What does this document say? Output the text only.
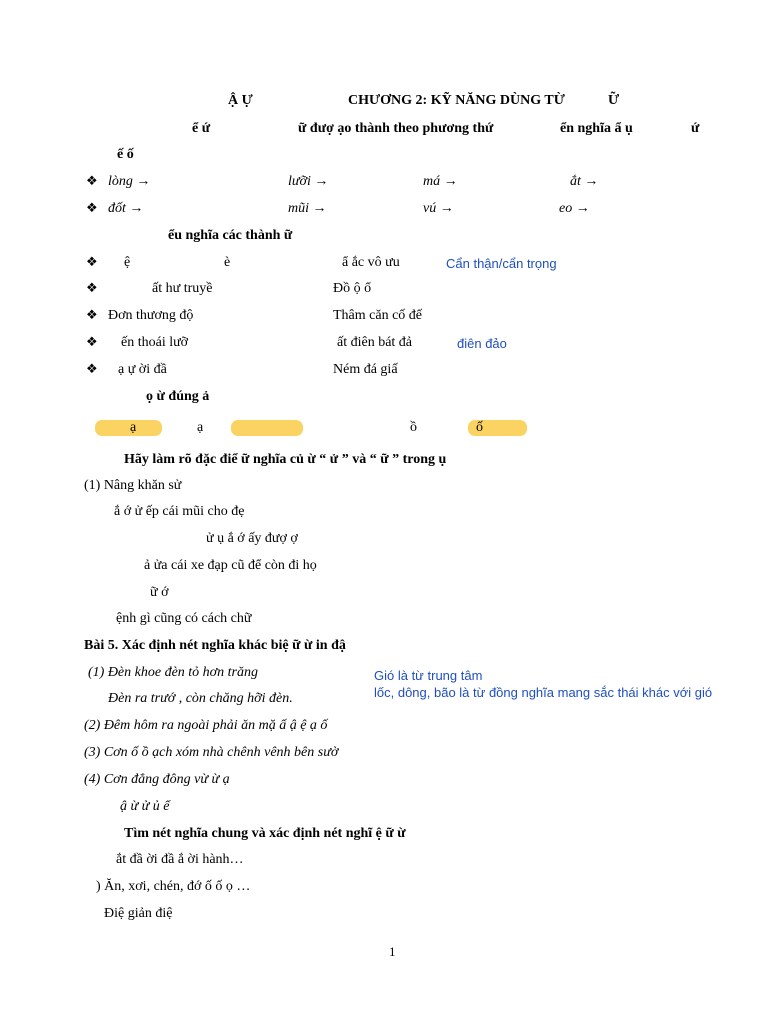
Ậ Ự	CHƯƠNG 2: KỸ NĂNG DÙNG TỪ	Ữ
ể ứ	ữ đượ ạo thành theo phương thứ	ển nghĩa ẩ ụ	ứ
ế ố
❖ lòng →	lưỡi →	má →	ắt →
❖ đốt →	mũi →	vú →	eo →
ểu nghĩa các thành ữ
❖ ệ	è	ẩ ắc vô ưu	Cẩn thận/cẩn trọng
❖	ất hư truyề	Đồ ộ ổ
❖ Đơn thương độ	Thâm căn cố đế
❖ ến thoái lưỡ	ất điên bát đả	điên đảo
❖ ạ ự ời đầ	Ném đá giấ
ọ ừ đúng ả
ạ	ạ	ồ	ố
Hãy làm rõ đặc điể ữ nghĩa củ ừ “ ử ” và “ ữ ” trong ụ
(1) Nâng khăn sử
ắ ớ ử ếp cái mũi cho đẹ
ử ụ ắ ớ ấy đượ ợ
ả ửa cái xe đạp cũ để còn đi họ
ữ ớ
ệnh gì cũng có cách chữ
Bài 5. Xác định nét nghĩa khác biệ ữ ừ in đậ
(1) Đèn khoe đèn tỏ hơn trăng
Đèn ra trướ , còn chăng hỡi đèn.
(2) Đêm hôm ra ngoài phải ăn mặ ấ ậ ệ ạ ố
(3) Cơn ố ồ ạch xóm nhà chênh vênh bên sườ
(4) Cơn đẳng đông vừ ừ ạ
ậ ừ ử ủ ể
Gió là từ trung tâm
lốc, dông, bão là từ đồng nghĩa mang sắc thái khác với gió
Tìm nét nghĩa chung và xác định nét nghĩ ệ ữ ừ
ắt đầ ời đầ ắ ời hành…
) Ăn, xơi, chén, đớ ố ố ọ …
Điệ giản điệ
1
